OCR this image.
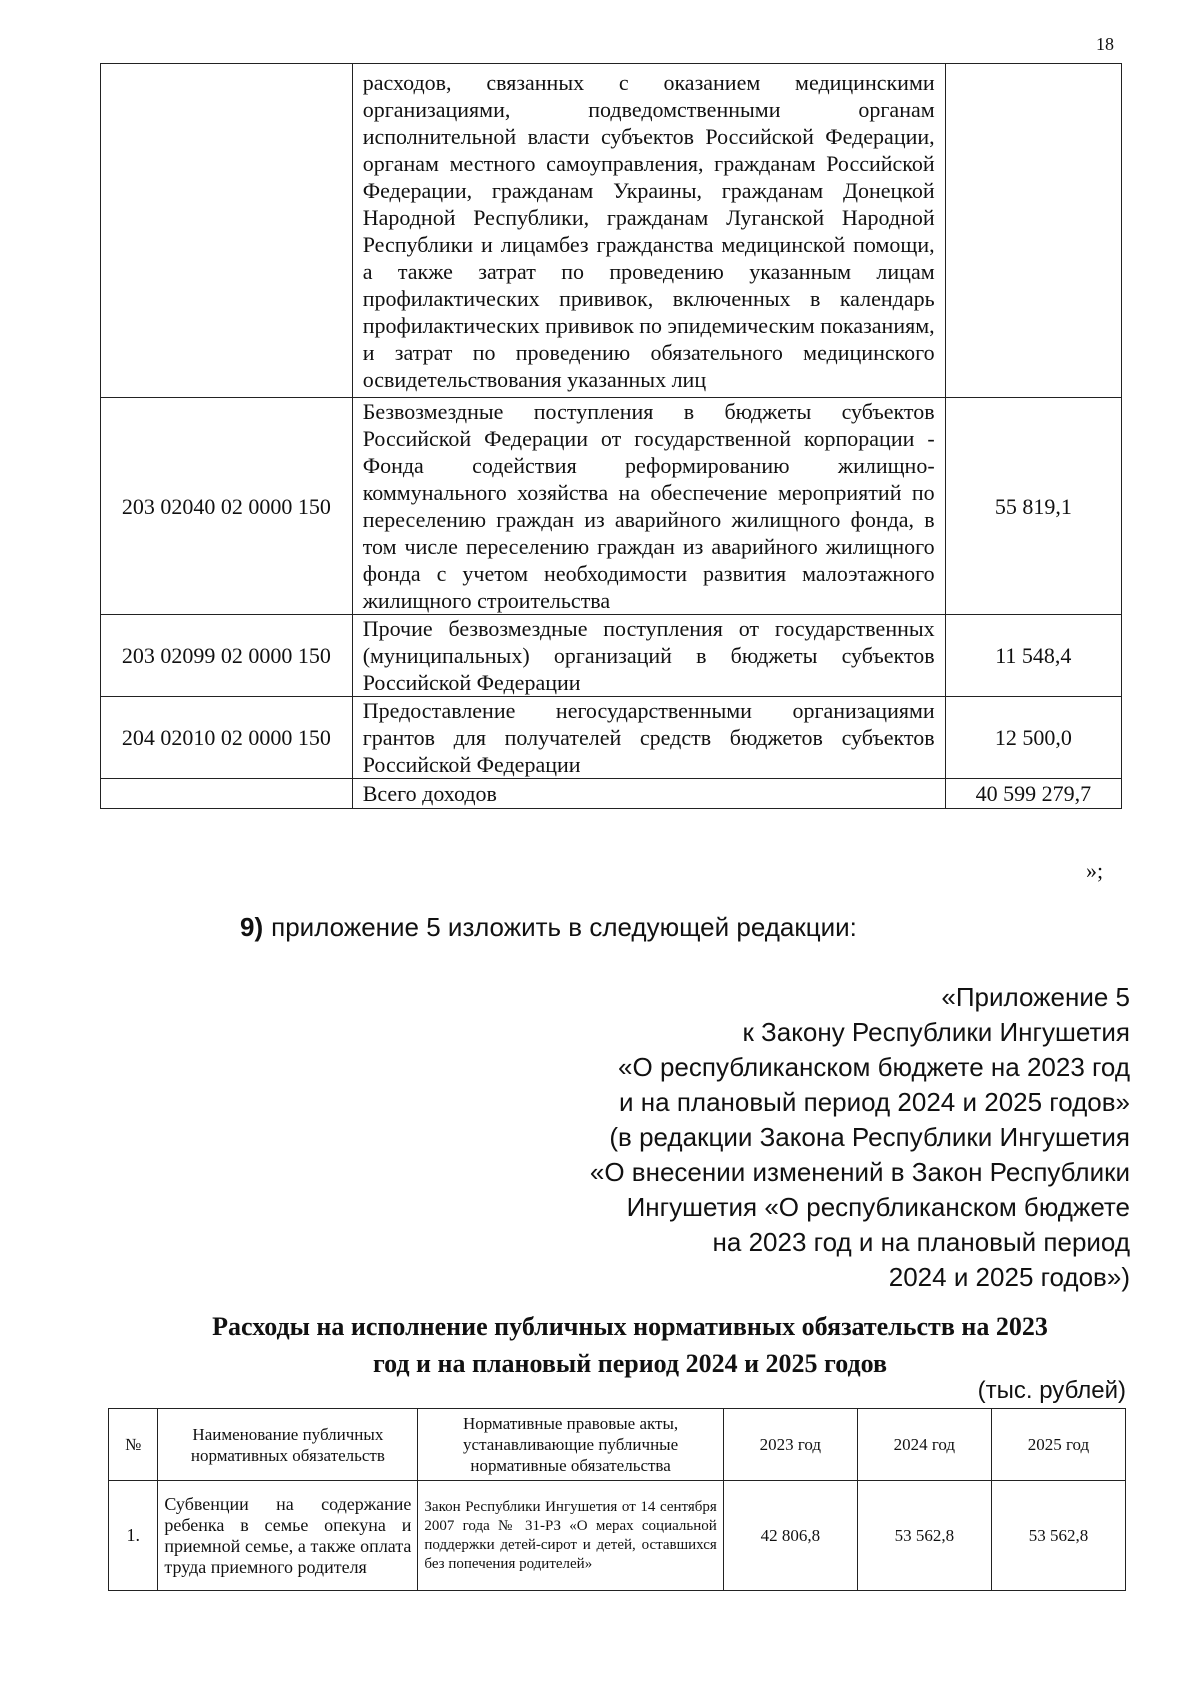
18
	расходов, связанных с оказанием медицинскими организациями, подведомственными органам исполнительной власти субъектов Российской Федерации, органам местного самоуправления, гражданам Российской Федерации, гражданам Украины, гражданам Донецкой Народной Республики, гражданам Луганской Народной Республики и лицамбез гражданства медицинской помощи, а также затрат по проведению указанным лицам профилактических прививок, включенных в календарь профилактических прививок по эпидемическим показаниям, и затрат по проведению обязательного медицинского освидетельствования указанных лиц	
203 02040 02 0000 150	Безвозмездные поступления в бюджеты субъектов Российской Федерации от государственной корпорации - Фонда содействия реформированию жилищно-коммунального хозяйства на обеспечение мероприятий по переселению граждан из аварийного жилищного фонда, в том числе переселению граждан из аварийного жилищного фонда с учетом необходимости развития малоэтажного жилищного строительства	55 819,1
203 02099 02 0000 150	Прочие безвозмездные поступления от государственных (муниципальных) организаций в бюджеты субъектов Российской Федерации	11 548,4
204 02010 02 0000 150	Предоставление негосударственными организациями грантов для получателей средств бюджетов субъектов Российской Федерации	12 500,0
	Всего доходов	40 599 279,7
»;
9) приложение 5 изложить в следующей редакции:
«Приложение 5
к Закону Республики Ингушетия
«О республиканском бюджете на 2023 год
и на плановый период 2024 и 2025 годов»
(в редакции Закона Республики Ингушетия
«О внесении изменений в Закон Республики
Ингушетия «О республиканском бюджете
на 2023 год и на плановый период
2024 и 2025 годов»)
Расходы на исполнение публичных нормативных обязательств на 2023
год и на плановый период 2024 и 2025 годов
(тыс. рублей)
№	Наименование публичных нормативных обязательств	Нормативные правовые акты, устанавливающие публичные нормативные обязательства	2023 год	2024 год	2025 год
1.	Субвенции на содержание ребенка в семье опекуна и приемной семье, а также оплата труда приемного родителя	Закон Республики Ингушетия от 14 сентября 2007 года № 31-РЗ «О мерах социальной поддержки детей-сирот и детей, оставшихся без попечения родителей»	42 806,8	53 562,8	53 562,8
